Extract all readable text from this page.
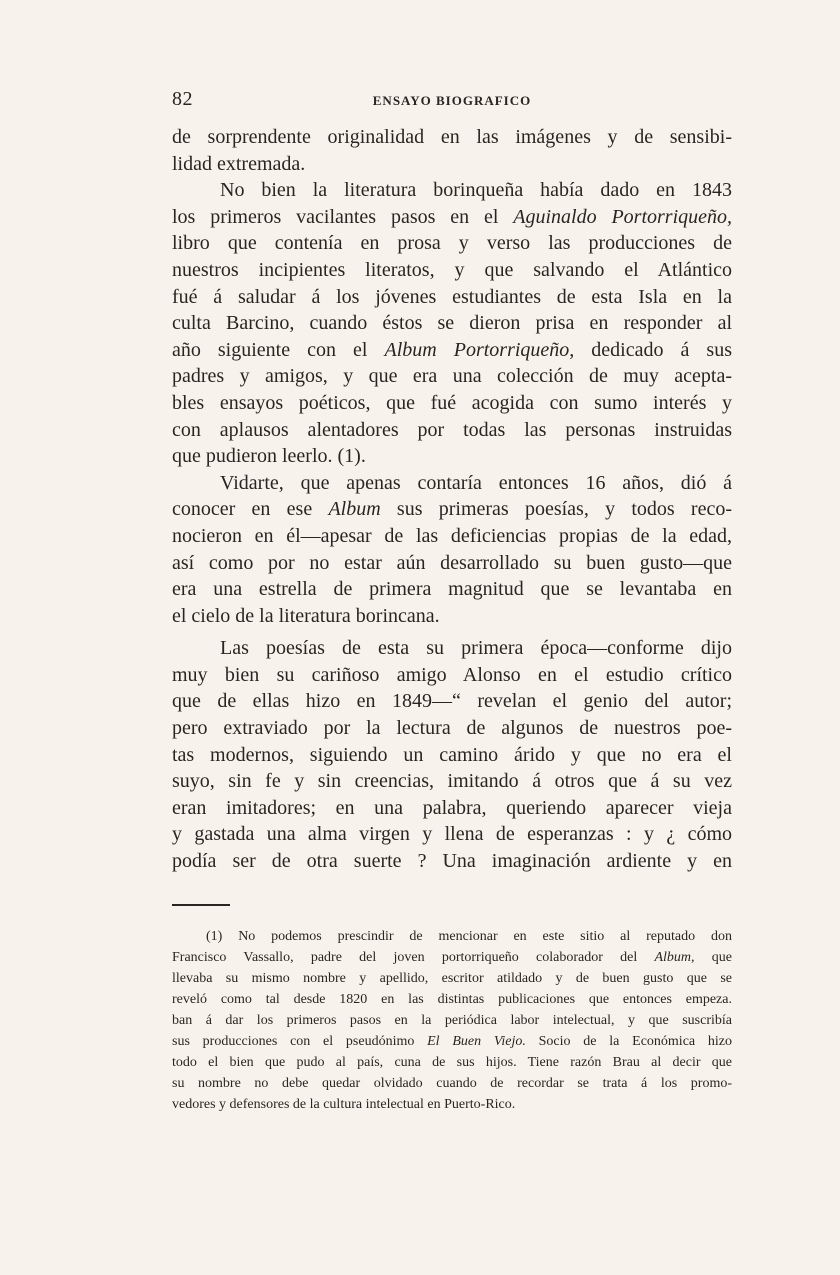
82	ENSAYO BIOGRAFICO
de sorprendente originalidad en las imágenes y de sensibi-
lidad extremada.
No bien la literatura borinqueña había dado en 1843
los primeros vacilantes pasos en el Aguinaldo Portorriqueño,
libro que contenía en prosa y verso las producciones de
nuestros incipientes literatos, y que salvando el Atlántico
fué á saludar á los jóvenes estudiantes de esta Isla en la
culta Barcino, cuando éstos se dieron prisa en responder al
año siguiente con el Album Portorriqueño, dedicado á sus
padres y amigos, y que era una colección de muy acepta-
bles ensayos poéticos, que fué acogida con sumo interés y
con aplausos alentadores por todas las personas instruidas
que pudieron leerlo. (1).
Vidarte, que apenas contaría entonces 16 años, dió á
conocer en ese Album sus primeras poesías, y todos reco-
nocieron en él—apesar de las deficiencias propias de la edad,
así como por no estar aún desarrollado su buen gusto—que
era una estrella de primera magnitud que se levantaba en
el cielo de la literatura borincana.
Las poesías de esta su primera época—conforme dijo
muy bien su cariñoso amigo Alonso en el estudio crítico
que de ellas hizo en 1849—“ revelan el genio del autor;
pero extraviado por la lectura de algunos de nuestros poe-
tas modernos, siguiendo un camino árido y que no era el
suyo, sin fe y sin creencias, imitando á otros que á su vez
eran imitadores; en una palabra, queriendo aparecer vieja
y gastada una alma virgen y llena de esperanzas : y ¿ cómo
podía ser de otra suerte ? Una imaginación ardiente y en
(1) No podemos prescindir de mencionar en este sitio al reputado don
Francisco Vassallo, padre del joven portorriqueño colaborador del Album, que
llevaba su mismo nombre y apellido, escritor atildado y de buen gusto que se
reveló como tal desde 1820 en las distintas publicaciones que entonces empeza.
ban á dar los primeros pasos en la periódica labor intelectual, y que suscribía
sus producciones con el pseudónimo El Buen Viejo. Socio de la Económica hizo
todo el bien que pudo al país, cuna de sus hijos. Tiene razón Brau al decir que
su nombre no debe quedar olvidado cuando de recordar se trata á los promo-
vedores y defensores de la cultura intelectual en Puerto-Rico.
